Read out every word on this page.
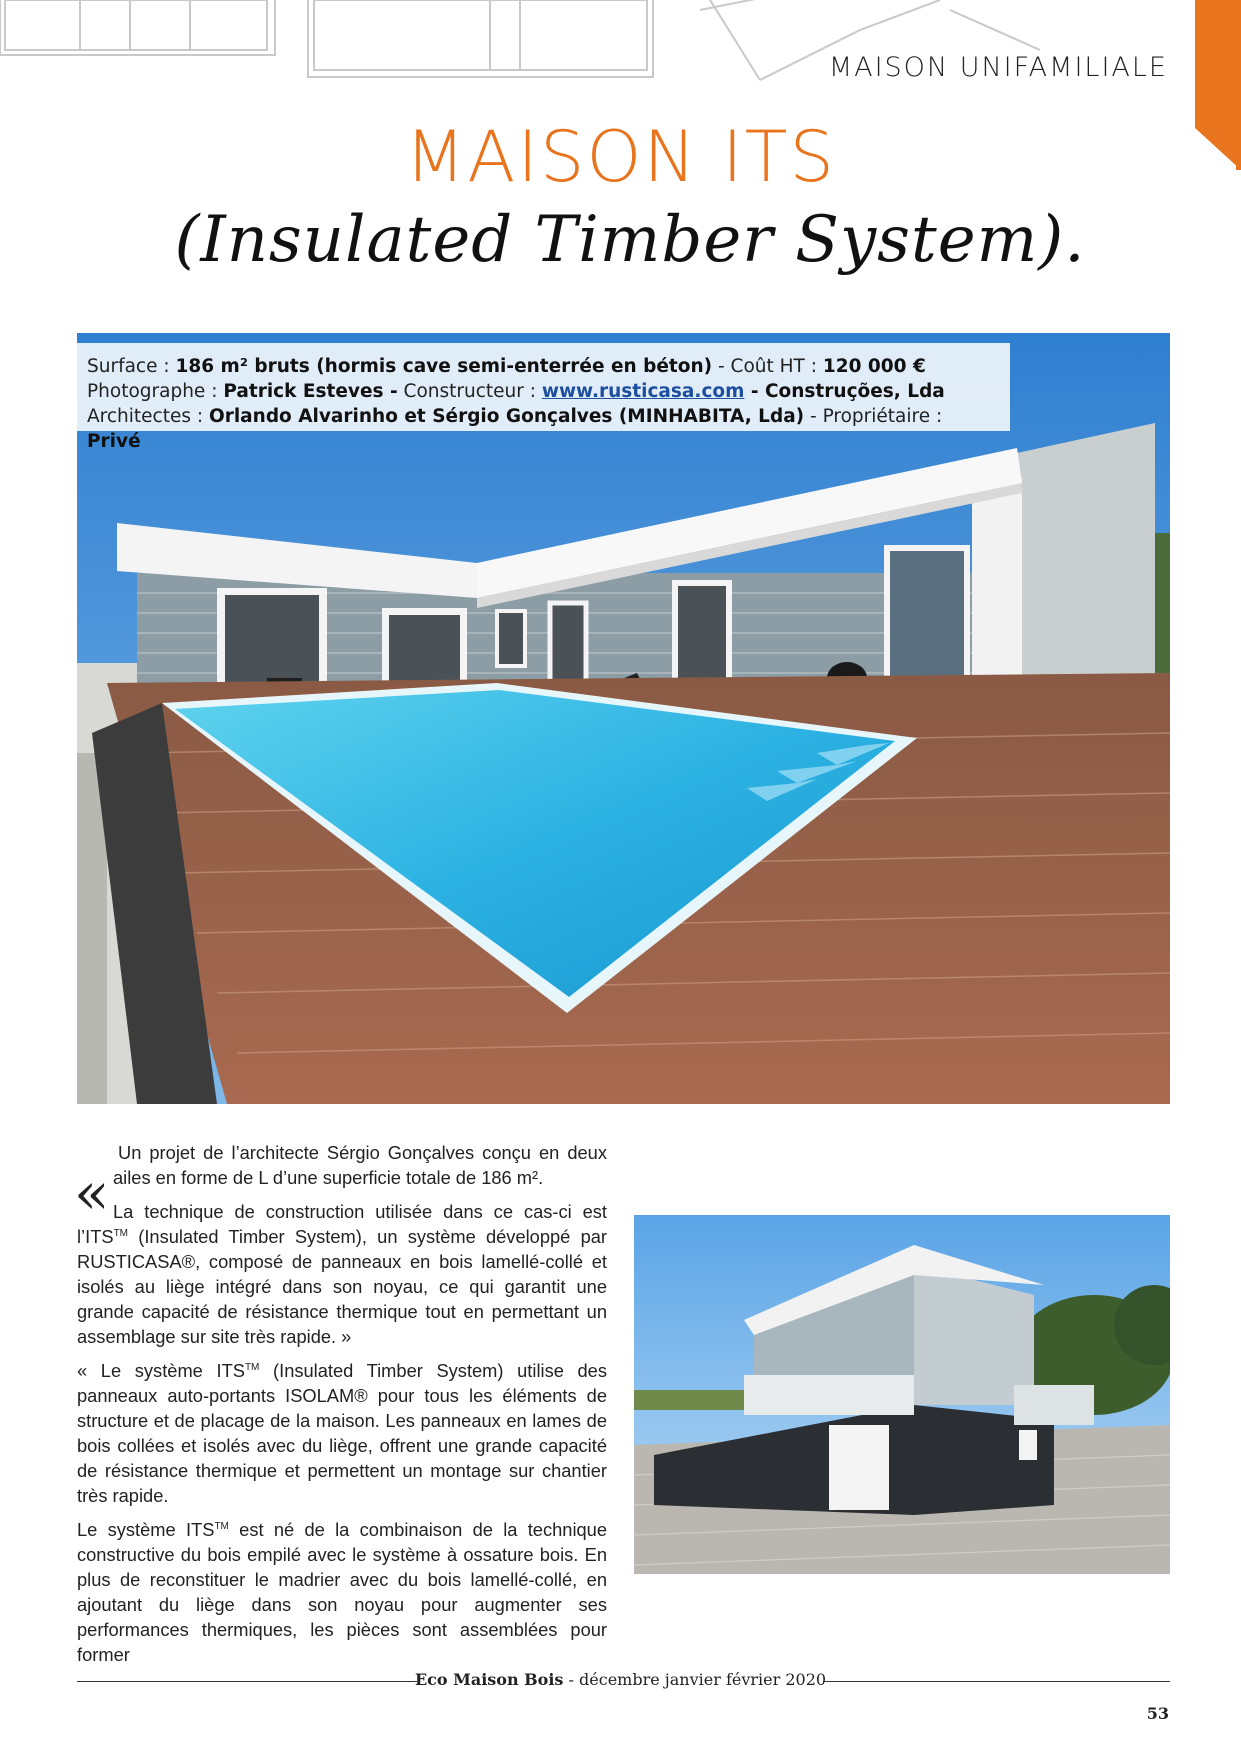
MAISON UNIFAMILIALE
MAISON ITS
(Insulated Timber System).
Surface : 186 m² bruts (hormis cave semi-enterrée en béton) - Coût HT : 120 000 €
Photographe : Patrick Esteves - Constructeur : www.rusticasa.com - Construções, Lda
Architectes : Orlando Alvarinho et Sérgio Gonçalves (MINHABITA, Lda) - Propriétaire : Privé
«

Un projet de l’architecte Sérgio Gonçalves conçu en deux ailes en forme de L d’une superficie totale de 186 m².

La technique de construction utilisée dans ce cas-ci est l’ITS™ (Insulated Timber System), un système développé par RUSTICASA®, composé de panneaux en bois lamellé-collé et isolés au liège intégré dans son noyau, ce qui garantit une grande capacité de résistance thermique tout en permettant un assemblage sur site très rapide. »

« Le système ITS™ (Insulated Timber System) utilise des panneaux auto-portants ISOLAM® pour tous les éléments de structure et de placage de la maison. Les panneaux en lames de bois collées et isolés avec du liège, offrent une grande capacité de résistance thermique et permettent un montage sur chantier très rapide.

Le système ITS™ est né de la combinaison de la technique constructive du bois empilé avec le système à ossature bois. En plus de reconstituer le madrier avec du bois lamellé-collé, en ajoutant du liège dans son noyau pour augmenter ses performances thermiques, les pièces sont assemblées pour former

Eco Maison Bois - décembre janvier février 2020
53
